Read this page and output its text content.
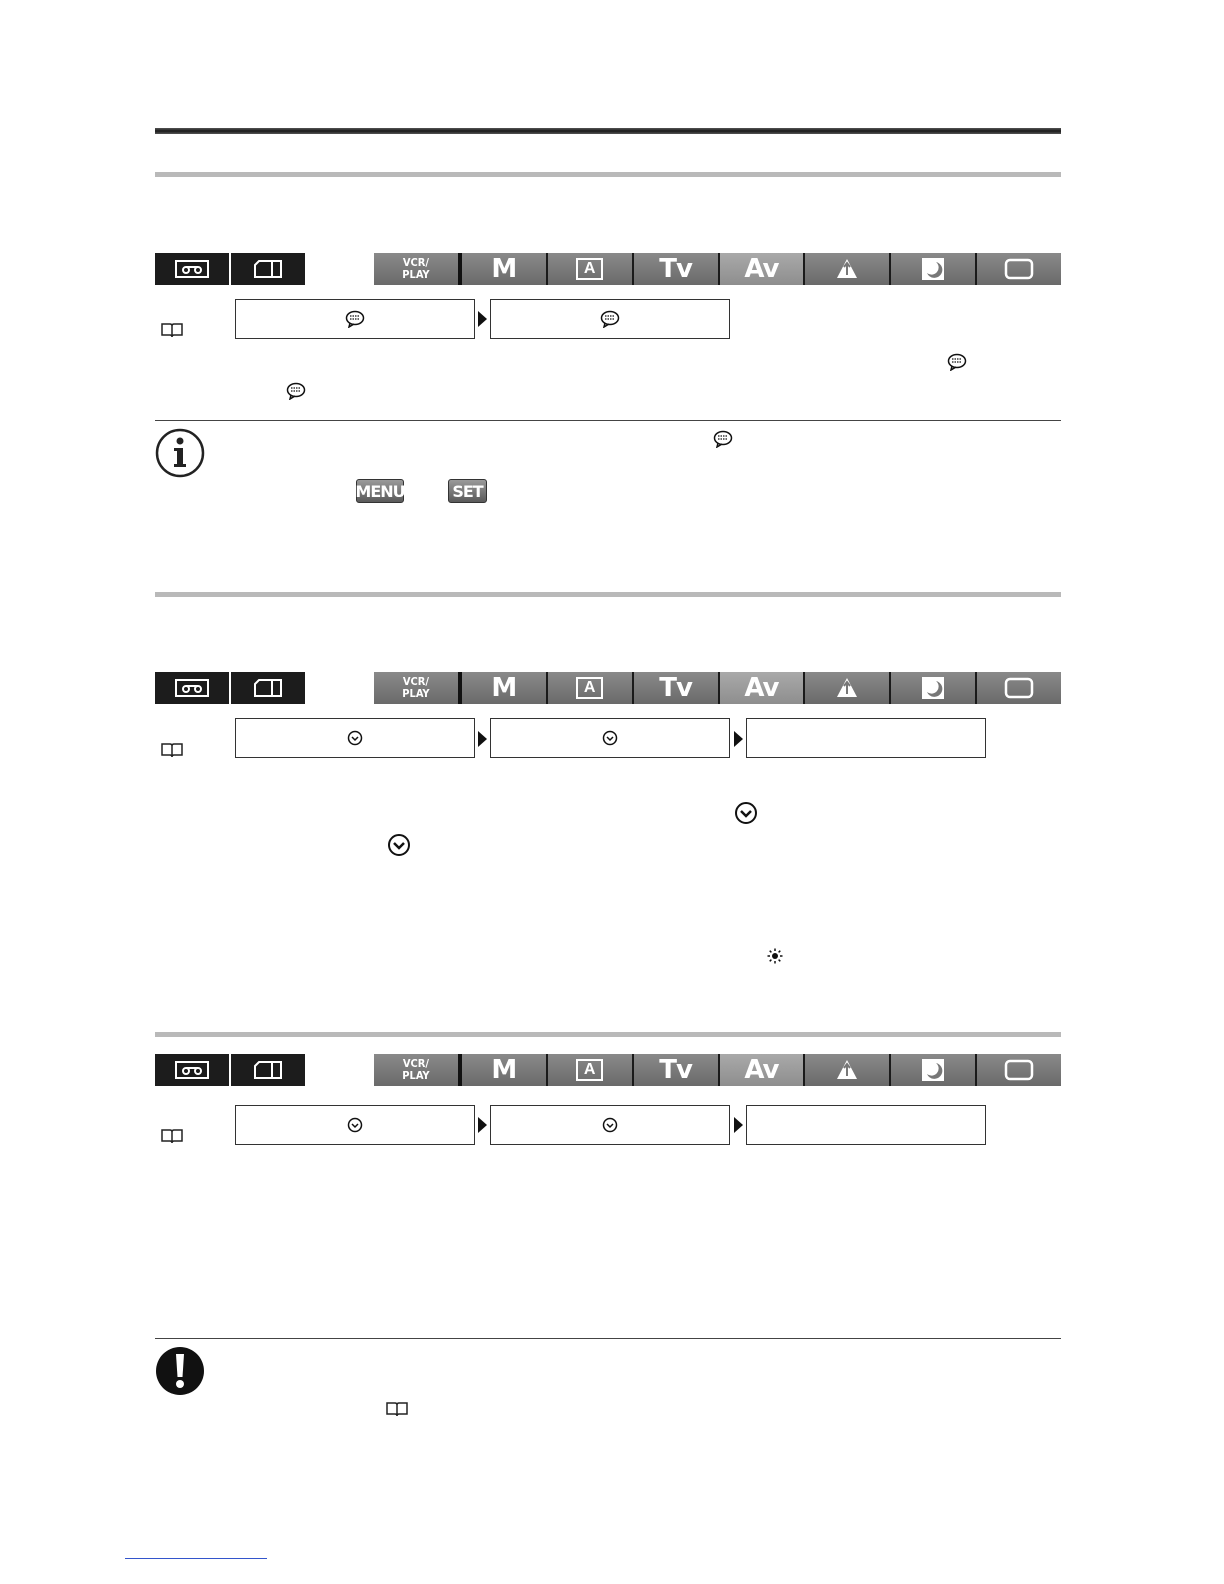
VCR/
PLAY M	A	Tv Av
MENU	SET
VCR/
PLAY M	A	Tv Av
VCR/
PLAY M	A	Tv Av
